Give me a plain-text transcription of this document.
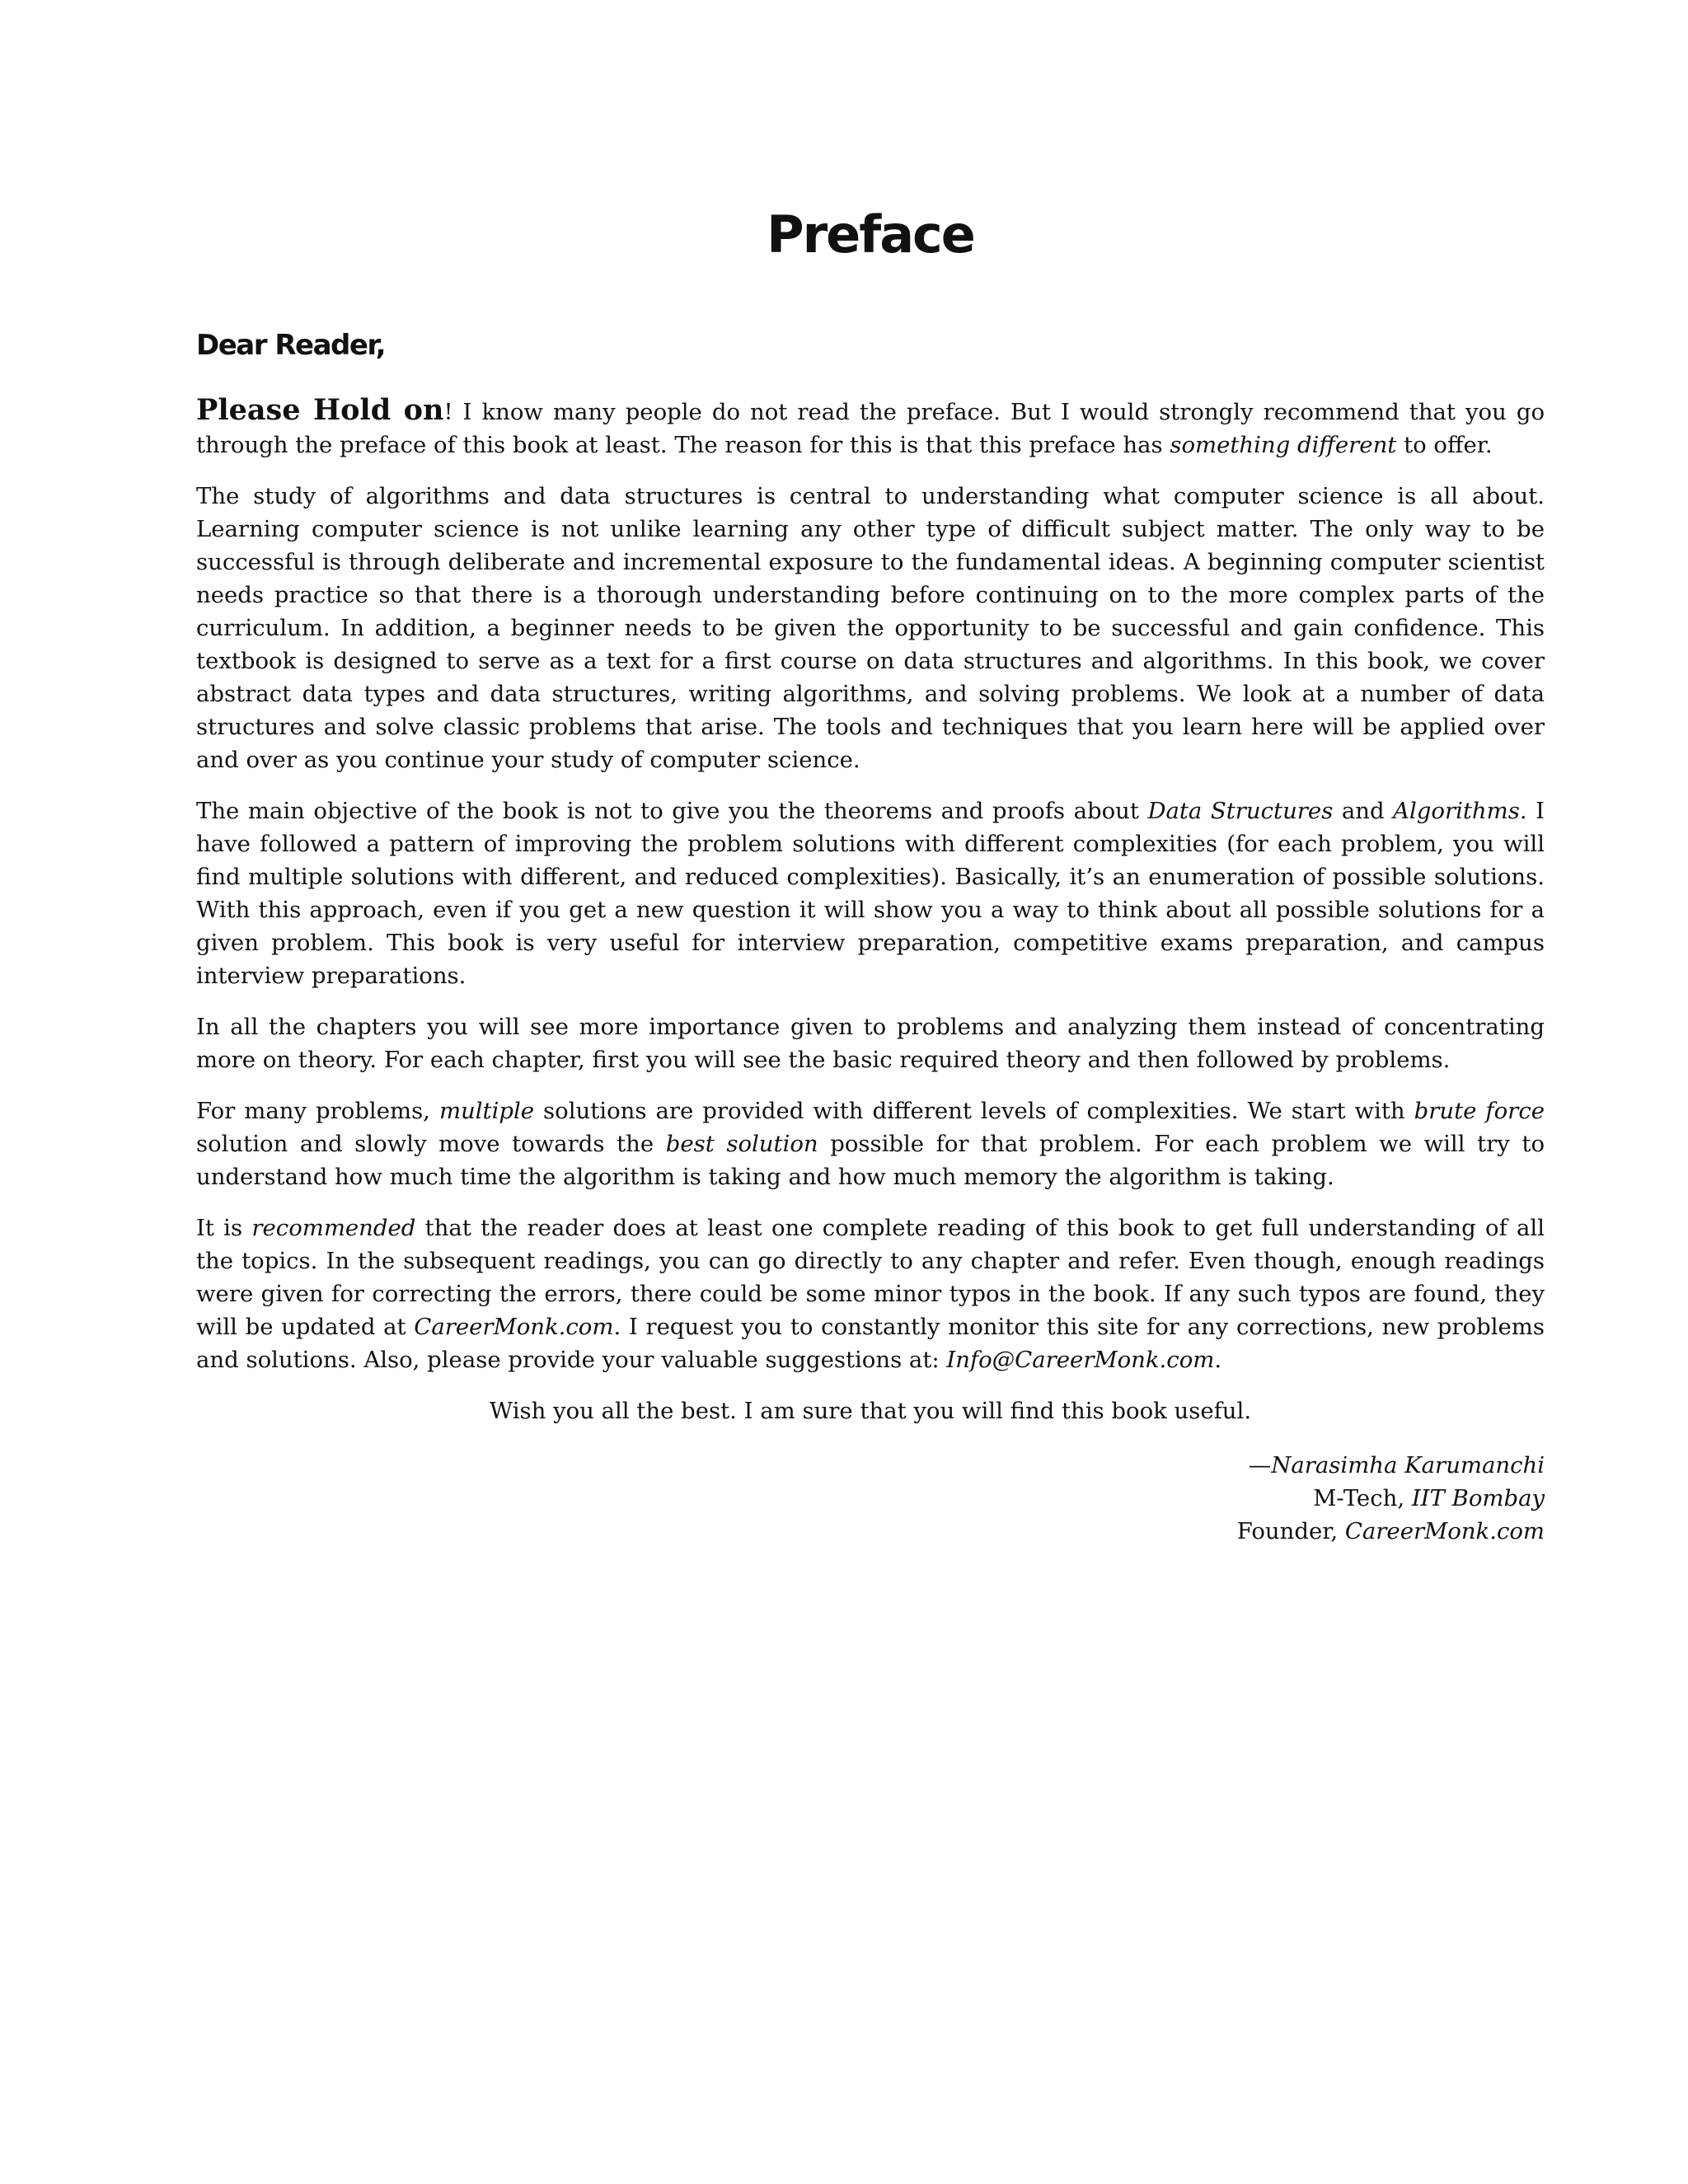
Preface
Dear Reader,

Please Hold on! I know many people do not read the preface. But I would strongly recommend that you go through the preface of this book at least. The reason for this is that this preface has something different to offer.

The study of algorithms and data structures is central to understanding what computer science is all about. Learning computer science is not unlike learning any other type of difficult subject matter. The only way to be successful is through deliberate and incremental exposure to the fundamental ideas. A beginning computer scientist needs practice so that there is a thorough understanding before continuing on to the more complex parts of the curriculum. In addition, a beginner needs to be given the opportunity to be successful and gain confidence. This textbook is designed to serve as a text for a first course on data structures and algorithms. In this book, we cover abstract data types and data structures, writing algorithms, and solving problems. We look at a number of data structures and solve classic problems that arise. The tools and techniques that you learn here will be applied over and over as you continue your study of computer science.

The main objective of the book is not to give you the theorems and proofs about Data Structures and Algorithms. I have followed a pattern of improving the problem solutions with different complexities (for each problem, you will find multiple solutions with different, and reduced complexities). Basically, it’s an enumeration of possible solutions. With this approach, even if you get a new question it will show you a way to think about all possible solutions for a given problem. This book is very useful for interview preparation, competitive exams preparation, and campus interview preparations.

In all the chapters you will see more importance given to problems and analyzing them instead of concentrating more on theory. For each chapter, first you will see the basic required theory and then followed by problems.

For many problems, multiple solutions are provided with different levels of complexities. We start with brute force solution and slowly move towards the best solution possible for that problem. For each problem we will try to understand how much time the algorithm is taking and how much memory the algorithm is taking.

It is recommended that the reader does at least one complete reading of this book to get full understanding of all the topics. In the subsequent readings, you can go directly to any chapter and refer. Even though, enough readings were given for correcting the errors, there could be some minor typos in the book. If any such typos are found, they will be updated at CareerMonk.com. I request you to constantly monitor this site for any corrections, new problems and solutions. Also, please provide your valuable suggestions at: Info@CareerMonk.com.

Wish you all the best. I am sure that you will find this book useful.

—Narasimha Karumanchi
M-Tech, IIT Bombay
Founder, CareerMonk.com
